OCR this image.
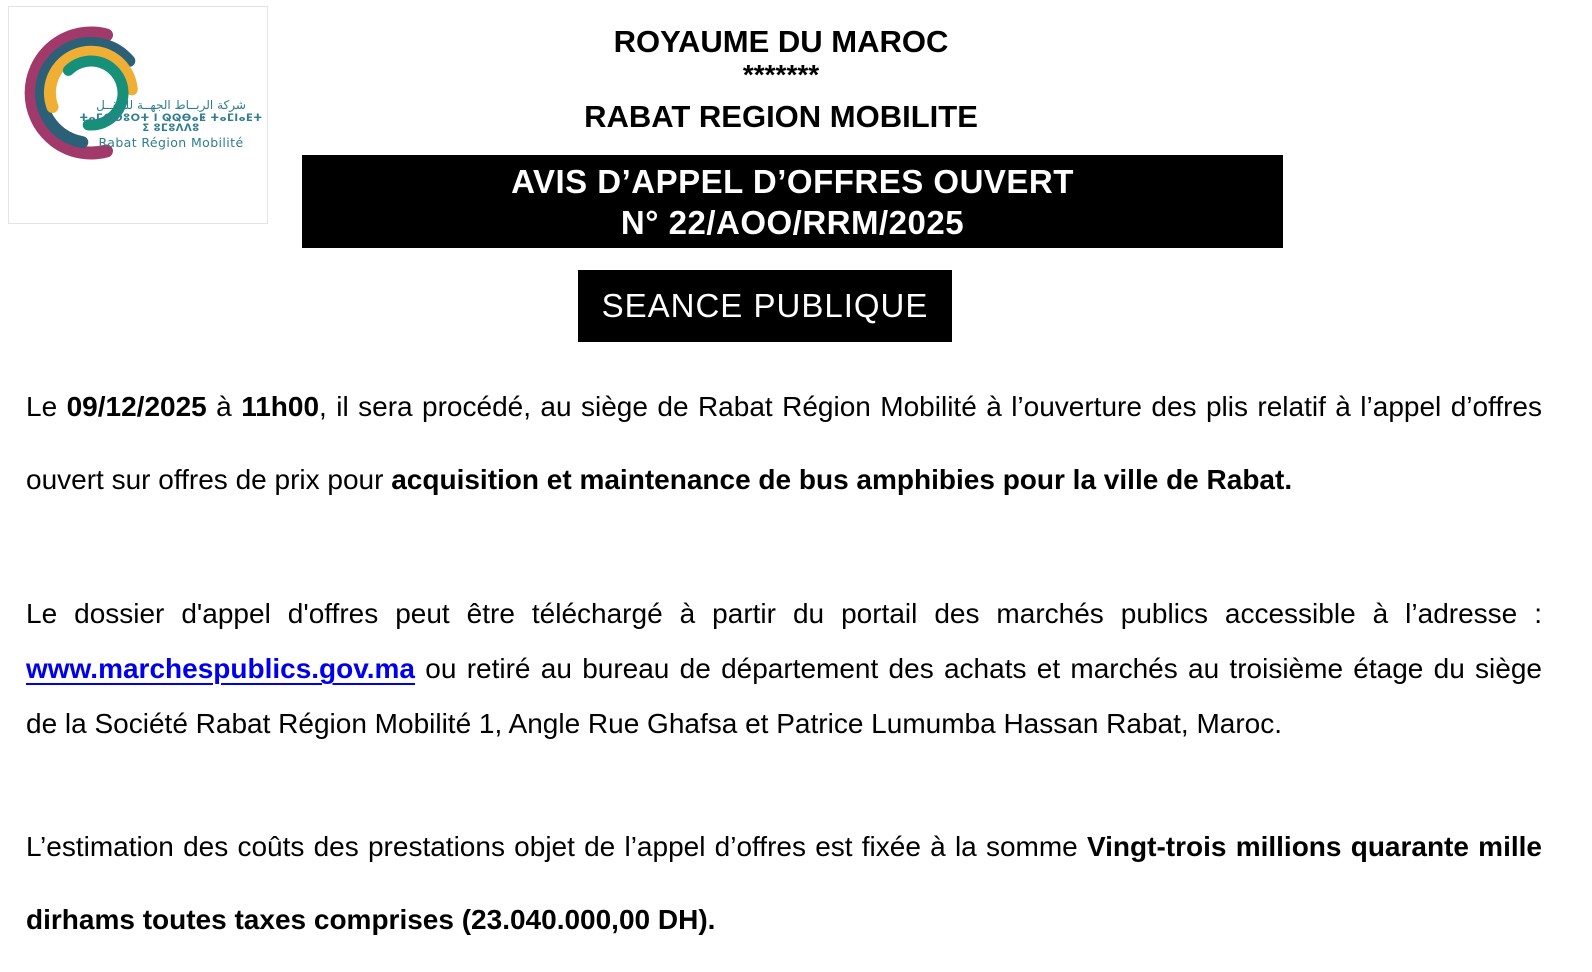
شركة الربــاط الجهــة للتنقــل
ⵜⴰⵎⵙⵙⵓⵔⵜ ⵏ ⵕⵕⴱⴰⵟ ⵜⴰⵎⵏⴰⴹⵜ ⵉ ⵓⵎⵓⴷⴷⵓ
Rabat Région Mobilité
ROYAUME DU MAROC
*******
RABAT REGION MOBILITE
AVIS D’APPEL D’OFFRES OUVERT
N° 22/AOO/RRM/2025
SEANCE PUBLIQUE

Le 09/12/2025 à 11h00, il sera procédé, au siège de Rabat Région Mobilité à l’ouverture des plis relatif à l’appel d’offres ouvert sur offres de prix pour acquisition et maintenance de bus amphibies pour la ville de Rabat.

Le dossier d'appel d'offres peut être téléchargé à partir du portail des marchés publics accessible à l’adresse : www.marchespublics.gov.ma ou retiré au bureau de département des achats et marchés au troisième étage du siège de la Société Rabat Région Mobilité 1, Angle Rue Ghafsa et Patrice Lumumba Hassan Rabat, Maroc.

L’estimation des coûts des prestations objet de l’appel d’offres est fixée à la somme Vingt-trois millions quarante mille dirhams toutes taxes comprises (23.040.000,00 DH).
